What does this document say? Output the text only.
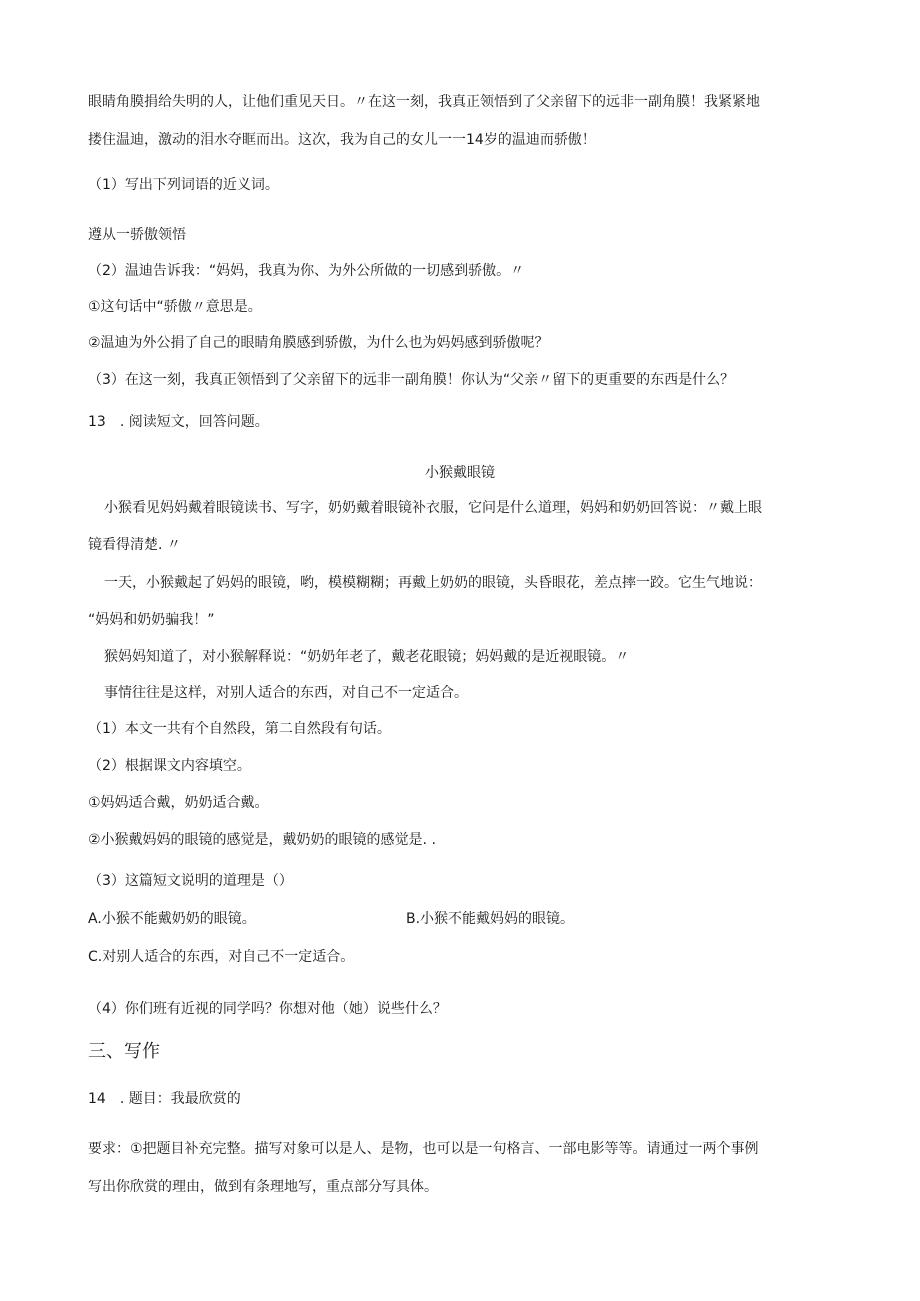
眼睛角膜捐给失明的人，让他们重见天日。〃在这一刻，我真正领悟到了父亲留下的远非一副角膜！我紧紧地
搂住温迪，激动的泪水夺眶而出。这次，我为自己的女儿一一14岁的温迪而骄傲！
（1）写出下列词语的近义词。
遵从一骄傲领悟
（2）温迪告诉我：“妈妈，我真为你、为外公所做的一切感到骄傲。〃
①这句话中“骄傲〃意思是。
②温迪为外公捐了自己的眼睛角膜感到骄傲，为什么也为妈妈感到骄傲呢？
（3）在这一刻，我真正领悟到了父亲留下的远非一副角膜！你认为“父亲〃留下的更重要的东西是什么？
13　. 阅读短文，回答问题。
小猴戴眼镜
小猴看见妈妈戴着眼镜读书、写字，奶奶戴着眼镜补衣服，它问是什么道理，妈妈和奶奶回答说：〃戴上眼
镜看得清楚. 〃
一天，小猴戴起了妈妈的眼镜，哟，模模糊糊；再戴上奶奶的眼镜，头昏眼花，差点摔一跤。它生气地说：
“妈妈和奶奶骗我！”
猴妈妈知道了，对小猴解释说：“奶奶年老了，戴老花眼镜；妈妈戴的是近视眼镜。〃
事情往往是这样，对别人适合的东西，对自己不一定适合。
（1）本文一共有个自然段，第二自然段有句话。
（2）根据课文内容填空。
①妈妈适合戴，奶奶适合戴。
②小猴戴妈妈的眼镜的感觉是，戴奶奶的眼镜的感觉是. .
（3）这篇短文说明的道理是（）
A.小猴不能戴奶奶的眼镜。	B.小猴不能戴妈妈的眼镜。
C.对别人适合的东西，对自己不一定适合。
（4）你们班有近视的同学吗？你想对他（她）说些什么？
三、写作
14　. 题目：我最欣赏的
要求：①把题目补充完整。描写对象可以是人、是物，也可以是一句格言、一部电影等等。请通过一两个事例
写出你欣赏的理由，做到有条理地写，重点部分写具体。
